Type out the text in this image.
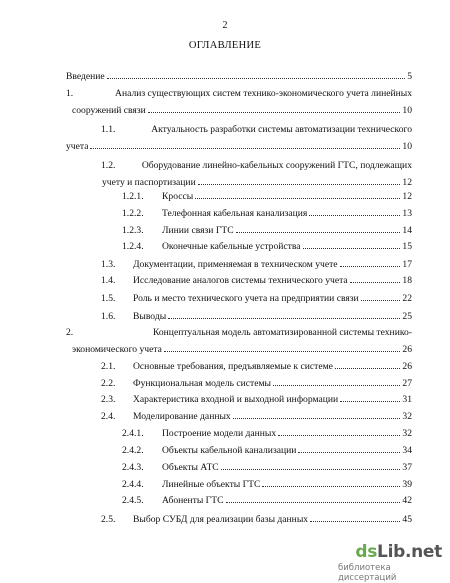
2
ОГЛАВЛЕНИЕ
Введение	5
1.	Анализ существующих систем технико-экономического учета линейных
сооружений связи	10
1.1.	Актуальность разработки системы автоматизации технического
учета	10
1.2.	Оборудование линейно-кабельных сооружений ГТС, подлежащих
учету и паспортизации	12
1.2.1.	Кроссы	12
1.2.2.	Телефонная кабельная канализация	13
1.2.3.	Линии связи ГТС	14
1.2.4.	Оконечные кабельные устройства	15
1.3.	Документации, применяемая в техническом учете	17
1.4.	Исследование аналогов системы технического учета	18
1.5.	Роль и место технического учета на предприятии связи	22
1.6.	Выводы	25
2.	Концептуальная модель автоматизированной системы технико-
экономического учета	26
2.1.	Основные требования, предъявляемые к системе	26
2.2.	Функциональная модель системы	27
2.3.	Характеристика входной и выходной информации	31
2.4.	Моделирование данных	32
2.4.1.	Построение модели данных	32
2.4.2.	Объекты кабельной канализации	34
2.4.3.	Объекты АТС	37
2.4.4.	Линейные объекты ГТС	39
2.4.5.	Абоненты ГТС	42
2.5.	Выбор СУБД для реализации базы данных	45
dsLib.net
библиотека диссертаций
